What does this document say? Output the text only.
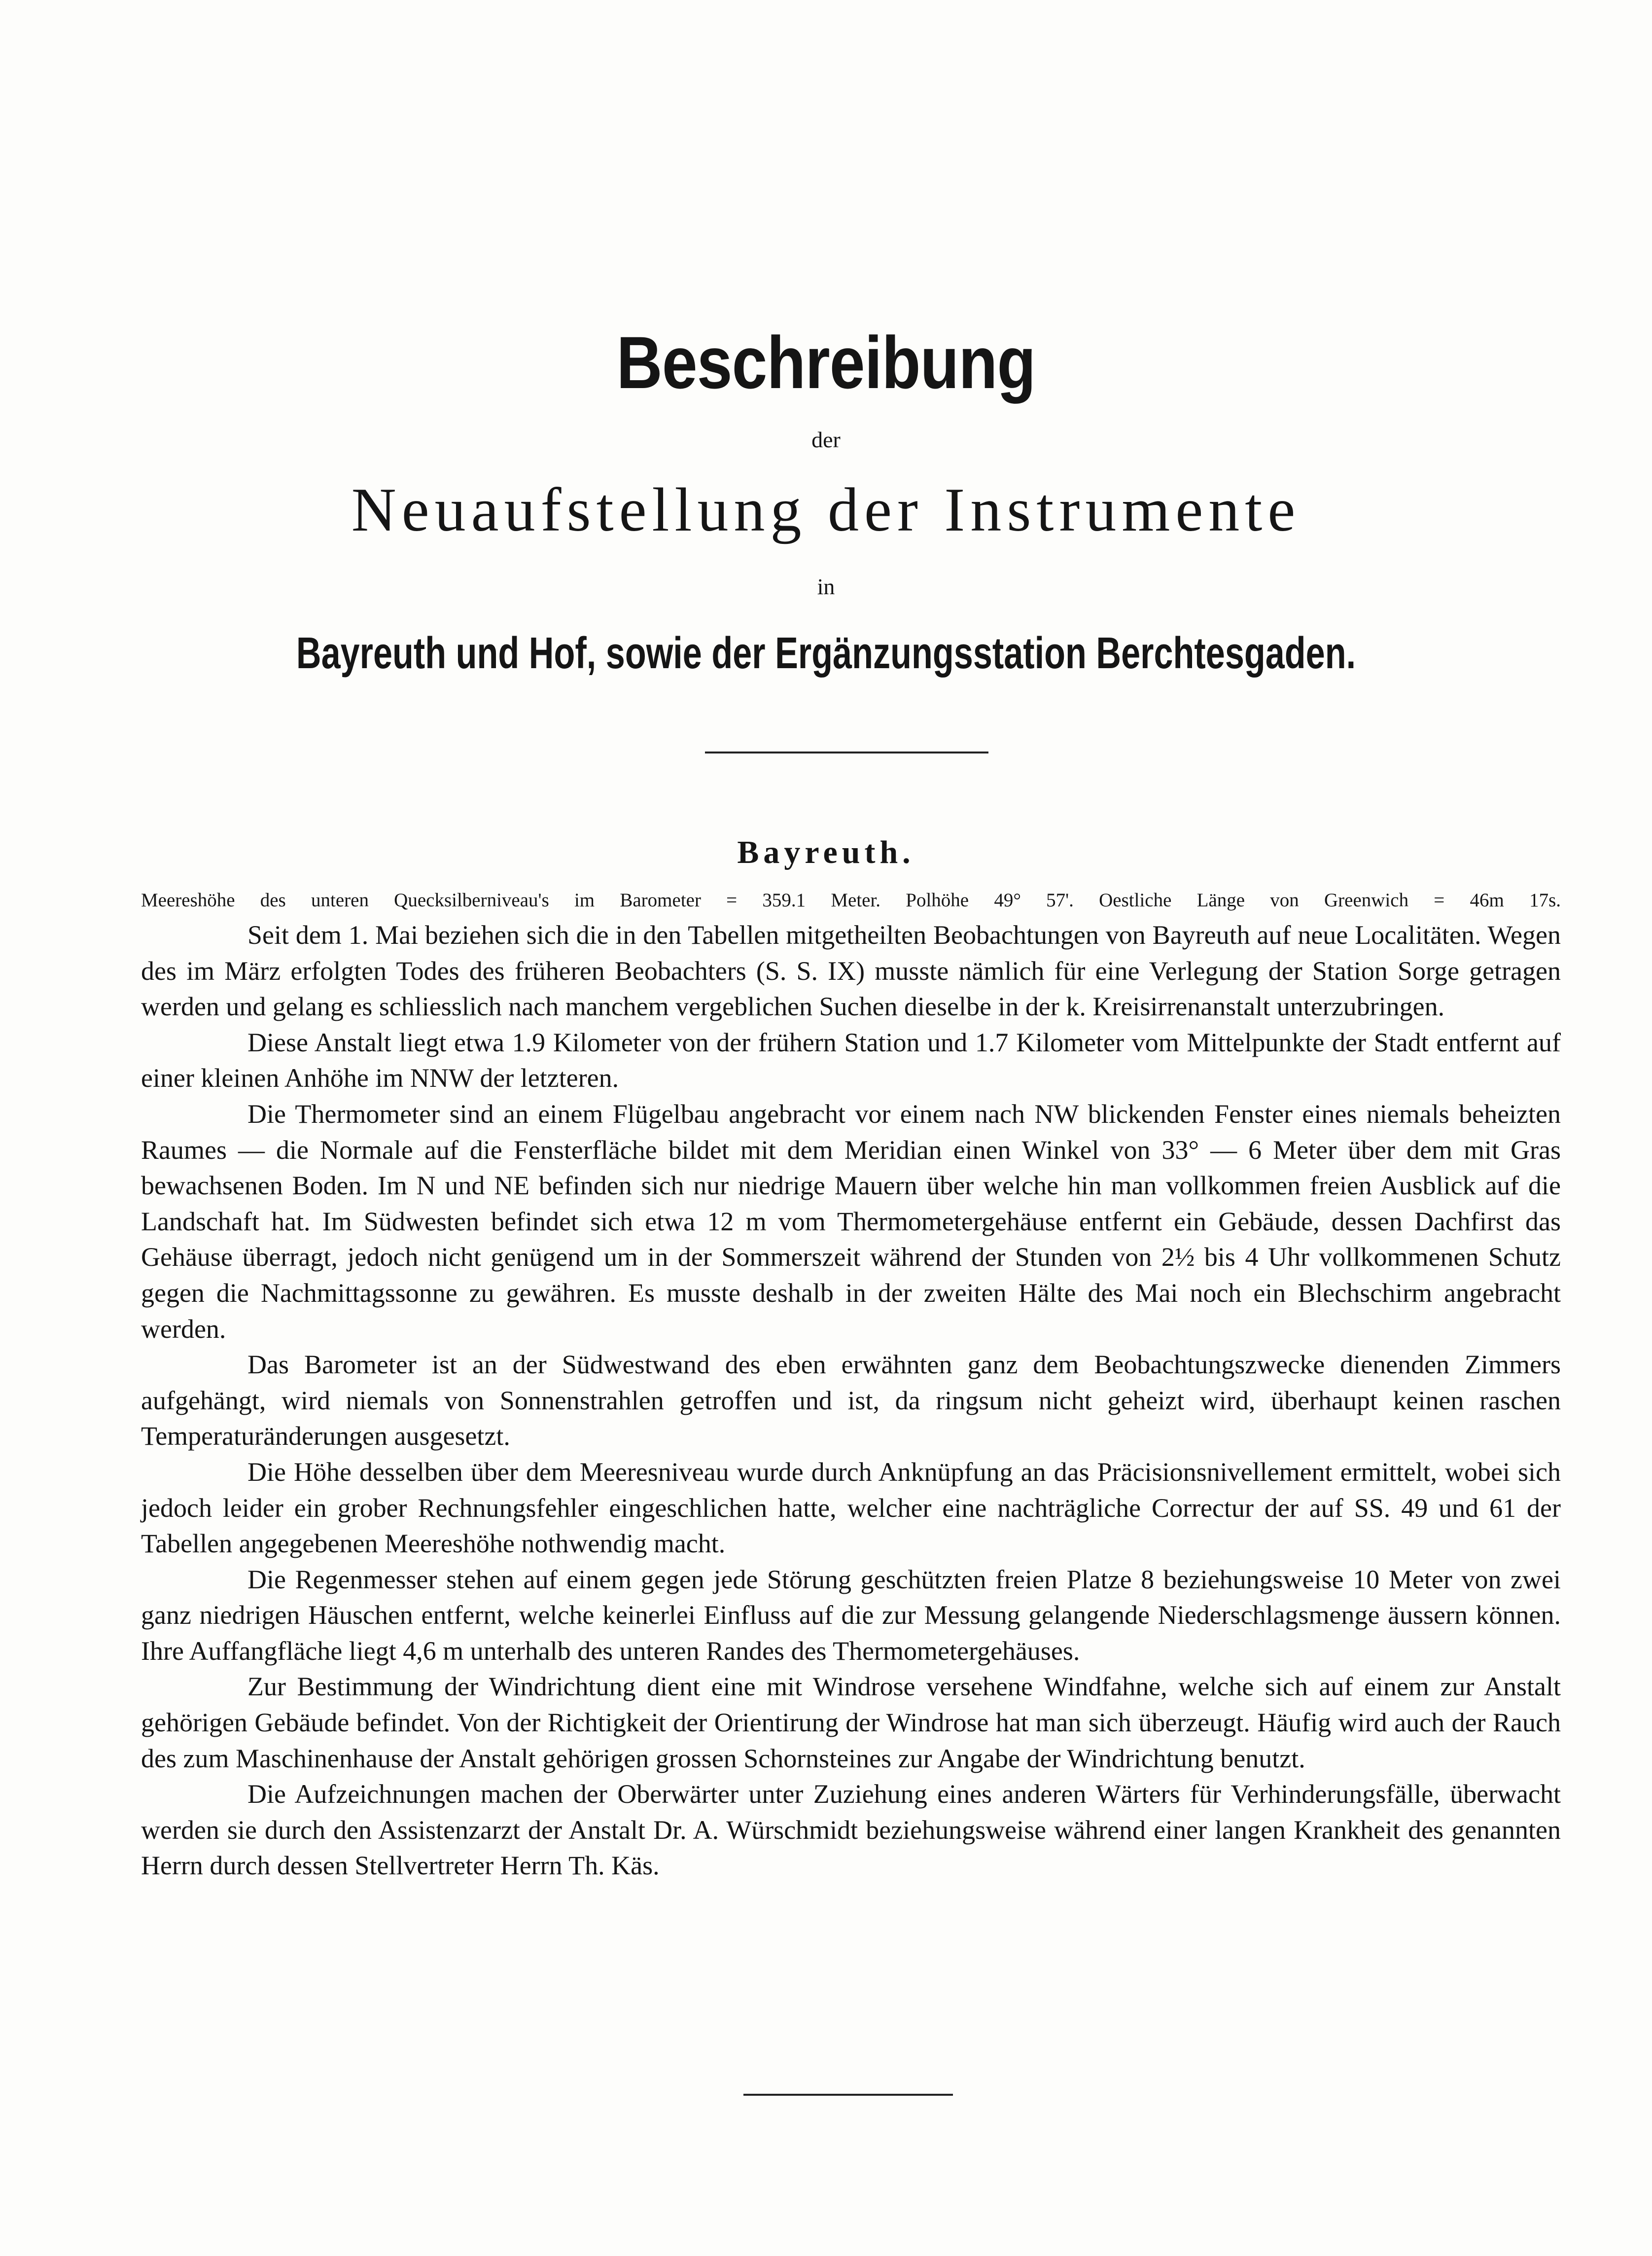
Beschreibung
der
Neuaufstellung der Instrumente
in
Bayreuth und Hof, sowie der Ergänzungsstation Berchtesgaden.
Bayreuth.
Meereshöhe des unteren Quecksilberniveau's im Barometer = 359.1 Meter. Polhöhe 49° 57'. Oestliche Länge von Greenwich = 46m 17s.

Seit dem 1. Mai beziehen sich die in den Tabellen mitgetheilten Beobachtungen von Bayreuth auf neue Localitäten. Wegen des im März erfolgten Todes des früheren Beobachters (S. S. IX) musste nämlich für eine Verlegung der Station Sorge getragen werden und gelang es schliesslich nach manchem vergeblichen Suchen dieselbe in der k. Kreisirrenanstalt unterzubringen.

Diese Anstalt liegt etwa 1.9 Kilometer von der frühern Station und 1.7 Kilometer vom Mittelpunkte der Stadt entfernt auf einer kleinen Anhöhe im NNW der letzteren.

Die Thermometer sind an einem Flügelbau angebracht vor einem nach NW blickenden Fenster eines niemals beheizten Raumes — die Normale auf die Fensterfläche bildet mit dem Meridian einen Winkel von 33° — 6 Meter über dem mit Gras bewachsenen Boden. Im N und NE befinden sich nur niedrige Mauern über welche hin man vollkommen freien Ausblick auf die Landschaft hat. Im Südwesten befindet sich etwa 12 m vom Thermometergehäuse entfernt ein Gebäude, dessen Dachfirst das Gehäuse überragt, jedoch nicht genügend um in der Sommerszeit während der Stunden von 2½ bis 4 Uhr vollkommenen Schutz gegen die Nachmittagssonne zu gewähren. Es musste deshalb in der zweiten Hälte des Mai noch ein Blechschirm angebracht werden.

Das Barometer ist an der Südwestwand des eben erwähnten ganz dem Beobachtungszwecke dienenden Zimmers aufgehängt, wird niemals von Sonnenstrahlen getroffen und ist, da ringsum nicht geheizt wird, überhaupt keinen raschen Temperaturänderungen ausgesetzt.

Die Höhe desselben über dem Meeresniveau wurde durch Anknüpfung an das Präcisionsnivellement ermittelt, wobei sich jedoch leider ein grober Rechnungsfehler eingeschlichen hatte, welcher eine nachträgliche Correctur der auf SS. 49 und 61 der Tabellen angegebenen Meereshöhe nothwendig macht.

Die Regenmesser stehen auf einem gegen jede Störung geschützten freien Platze 8 beziehungsweise 10 Meter von zwei ganz niedrigen Häuschen entfernt, welche keinerlei Einfluss auf die zur Messung gelangende Niederschlagsmenge äussern können. Ihre Auffangfläche liegt 4,6 m unterhalb des unteren Randes des Thermometergehäuses.

Zur Bestimmung der Windrichtung dient eine mit Windrose versehene Windfahne, welche sich auf einem zur Anstalt gehörigen Gebäude befindet. Von der Richtigkeit der Orientirung der Windrose hat man sich überzeugt. Häufig wird auch der Rauch des zum Maschinenhause der Anstalt gehörigen grossen Schornsteines zur Angabe der Windrichtung benutzt.

Die Aufzeichnungen machen der Oberwärter unter Zuziehung eines anderen Wärters für Verhinderungsfälle, überwacht werden sie durch den Assistenzarzt der Anstalt Dr. A. Würschmidt beziehungsweise während einer langen Krankheit des genannten Herrn durch dessen Stellvertreter Herrn Th. Käs.
